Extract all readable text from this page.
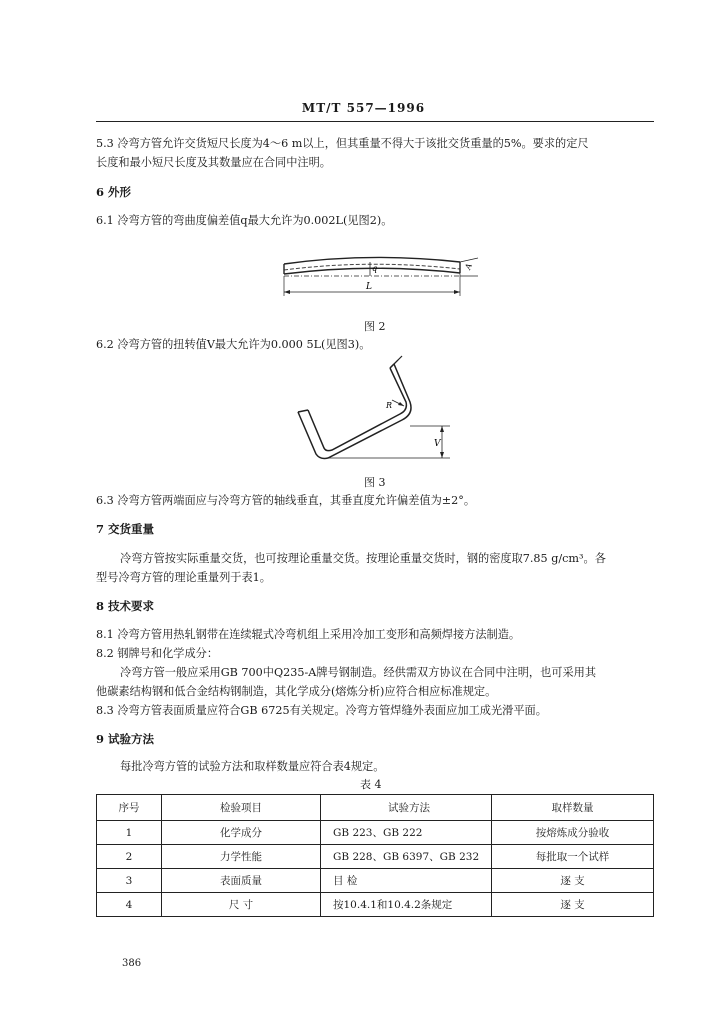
MT/T 557—1996
5.3 冷弯方管允许交货短尺长度为4～6 m以上，但其重量不得大于该批交货重量的5%。要求的定尺
长度和最小短尺长度及其数量应在合同中注明。
6 外形
6.1 冷弯方管的弯曲度偏差值q最大允许为0.002L(见图2)。
q
L
A
图 2
6.2 冷弯方管的扭转值V最大允许为0.000 5L(见图3)。
R
V
图 3
6.3 冷弯方管两端面应与冷弯方管的轴线垂直，其垂直度允许偏差值为±2°。
7 交货重量
冷弯方管按实际重量交货，也可按理论重量交货。按理论重量交货时，钢的密度取7.85 g/cm³。各
型号冷弯方管的理论重量列于表1。
8 技术要求
8.1 冷弯方管用热轧钢带在连续辊式冷弯机组上采用冷加工变形和高频焊接方法制造。
8.2 钢牌号和化学成分：
冷弯方管一般应采用GB 700中Q235-A牌号钢制造。经供需双方协议在合同中注明，也可采用其
他碳素结构钢和低合金结构钢制造，其化学成分(熔炼分析)应符合相应标准规定。
8.3 冷弯方管表面质量应符合GB 6725有关规定。冷弯方管焊缝外表面应加工成光滑平面。
9 试验方法
每批冷弯方管的试验方法和取样数量应符合表4规定。
表 4
序号	检验项目	试验方法	取样数量
1	化学成分	GB 223、GB 222	按熔炼成分验收
2	力学性能	GB 228、GB 6397、GB 232	每批取一个试样
3	表面质量	目 检	逐 支
4	尺 寸	按10.4.1和10.4.2条规定	逐 支
386
